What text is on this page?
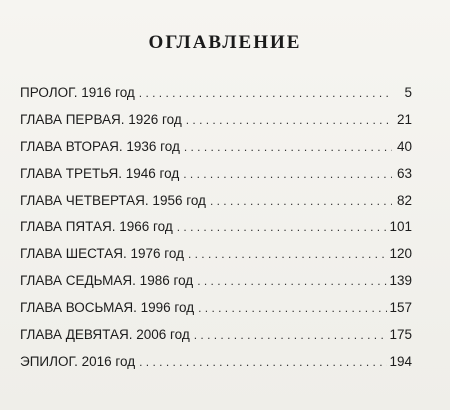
ОГЛАВЛЕНИЕ
ПРОЛОГ. 1916 год . . .	5
ГЛАВА ПЕРВАЯ. 1926 год . . .	21
ГЛАВА ВТОРАЯ. 1936 год . . .	40
ГЛАВА ТРЕТЬЯ. 1946 год . . .	63
ГЛАВА ЧЕТВЕРТАЯ. 1956 год . . .	82
ГЛАВА ПЯТАЯ. 1966 год . . .	101
ГЛАВА ШЕСТАЯ. 1976 год . . .	120
ГЛАВА СЕДЬМАЯ. 1986 год . . .	139
ГЛАВА ВОСЬМАЯ. 1996 год . . .	157
ГЛАВА ДЕВЯТАЯ. 2006 год . . .	175
ЭПИЛОГ. 2016 год . . .	194
